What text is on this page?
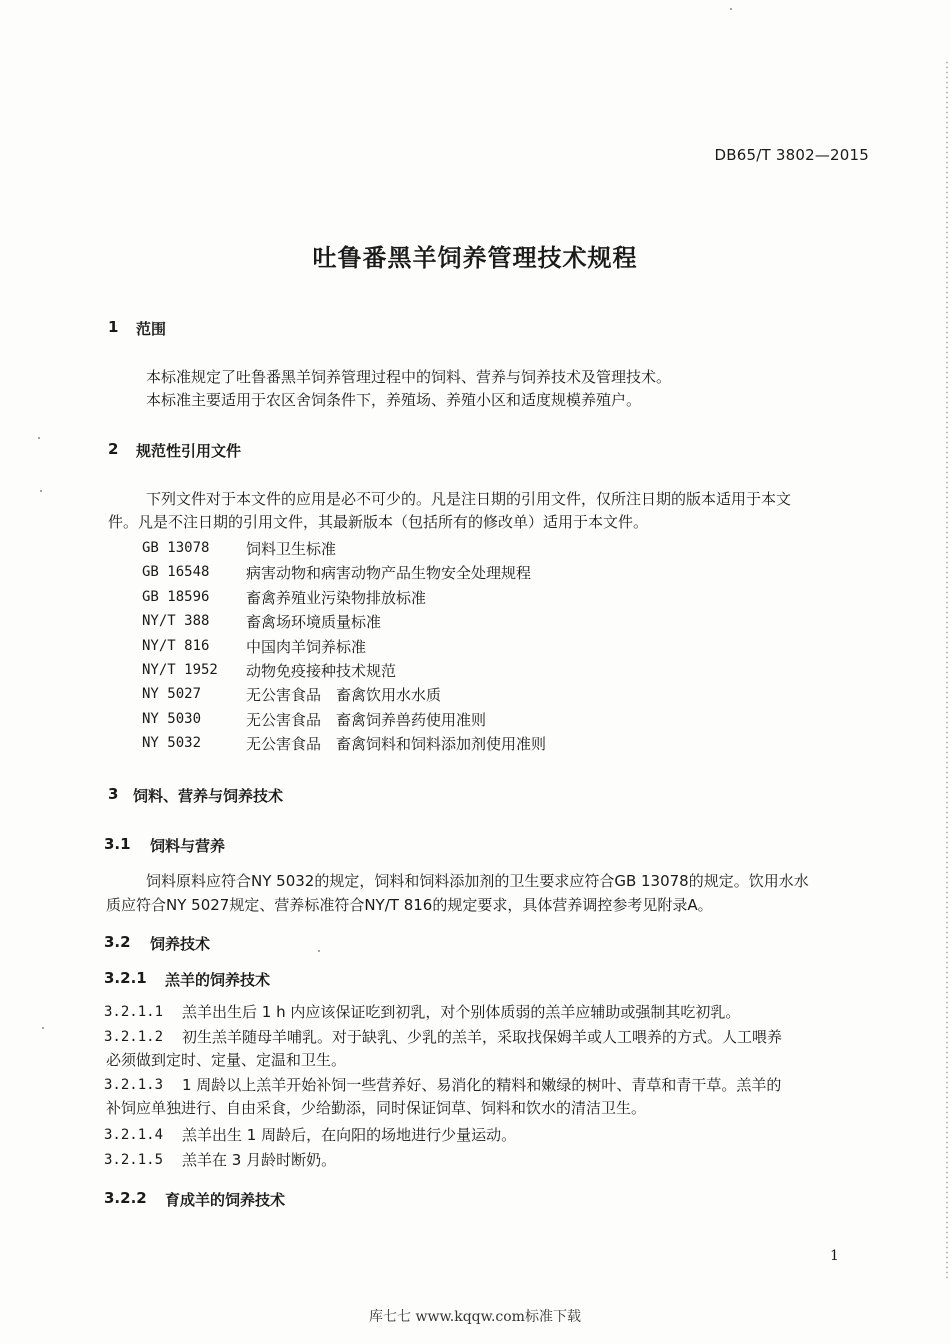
DB65/T 3802—2015
吐鲁番黑羊饲养管理技术规程
1 范围
本标准规定了吐鲁番黑羊饲养管理过程中的饲料、营养与饲养技术及管理技术。
本标准主要适用于农区舍饲条件下，养殖场、养殖小区和适度规模养殖户。
2 规范性引用文件
下列文件对于本文件的应用是必不可少的。凡是注日期的引用文件，仅所注日期的版本适用于本文
件。凡是不注日期的引用文件，其最新版本（包括所有的修改单）适用于本文件。
GB 13078 饲料卫生标准
GB 16548 病害动物和病害动物产品生物安全处理规程
GB 18596 畜禽养殖业污染物排放标准
NY/T 388 畜禽场环境质量标准
NY/T 816 中国肉羊饲养标准
NY/T 1952 动物免疫接种技术规范
NY 5027	无公害食品　畜禽饮用水水质
NY 5030	无公害食品　畜禽饲养兽药使用准则
NY 5032	无公害食品　畜禽饲料和饲料添加剂使用准则
3 饲料、营养与饲养技术
3.1 饲料与营养
饲料原料应符合NY 5032的规定，饲料和饲料添加剂的卫生要求应符合GB 13078的规定。饮用水水
质应符合NY 5027规定、营养标准符合NY/T 816的规定要求，具体营养调控参考见附录A。
3.2 饲养技术
3.2.1 羔羊的饲养技术
3.2.1.1 羔羊出生后 1 h 内应该保证吃到初乳，对个别体质弱的羔羊应辅助或强制其吃初乳。
3.2.1.2 初生羔羊随母羊哺乳。对于缺乳、少乳的羔羊，采取找保姆羊或人工喂养的方式。人工喂养
必须做到定时、定量、定温和卫生。
3.2.1.3 1 周龄以上羔羊开始补饲一些营养好、易消化的精料和嫩绿的树叶、青草和青干草。羔羊的
补饲应单独进行、自由采食，少给勤添，同时保证饲草、饲料和饮水的清洁卫生。
3.2.1.4 羔羊出生 1 周龄后，在向阳的场地进行少量运动。
3.2.1.5 羔羊在 3 月龄时断奶。
3.2.2 育成羊的饲养技术
1
库七七 www.kqqw.com标准下载
